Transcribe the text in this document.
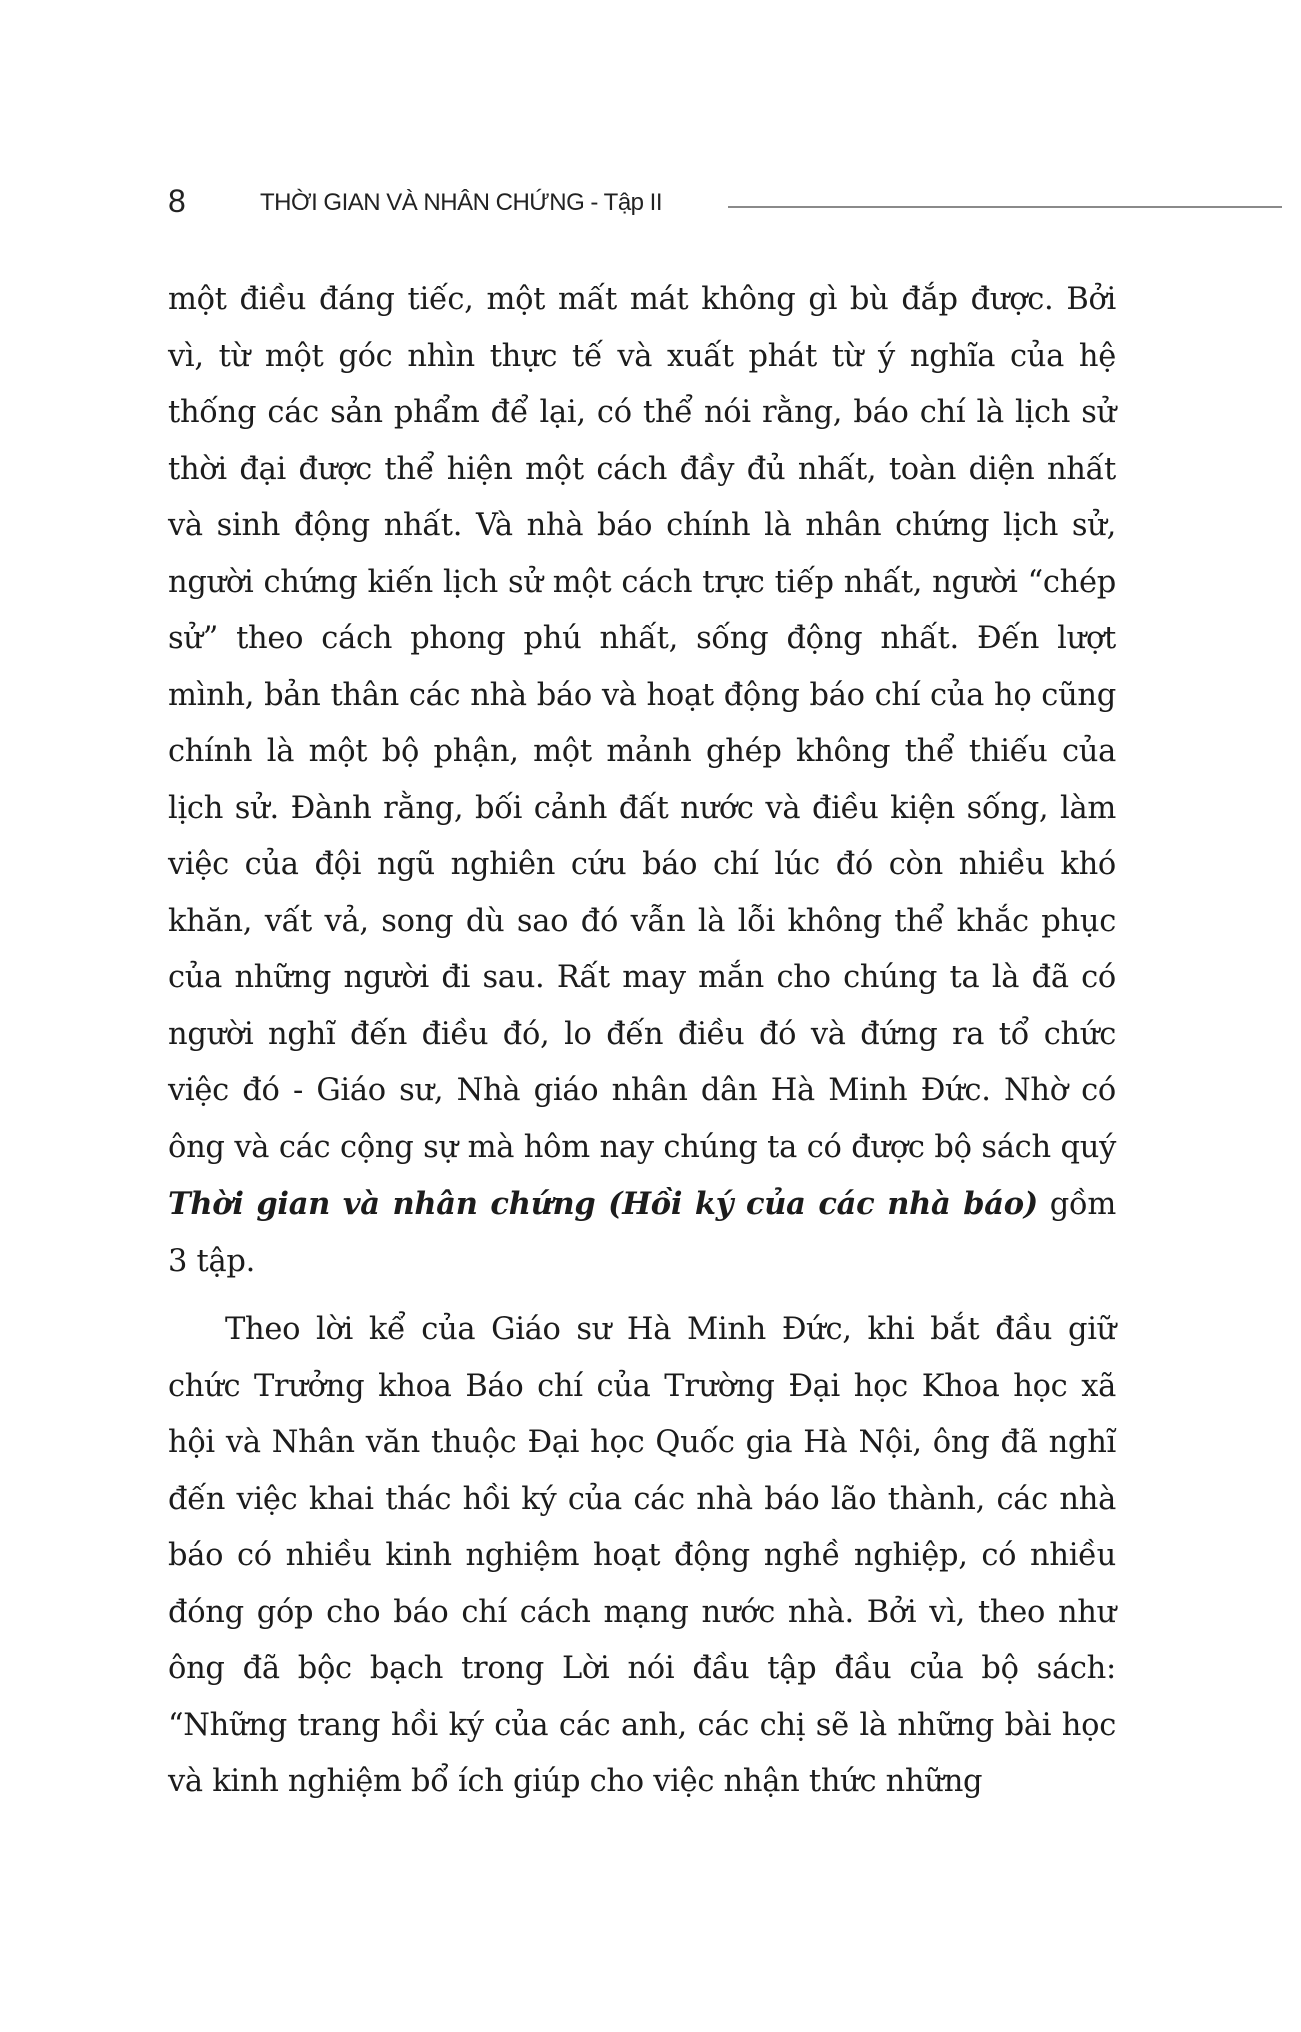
8	THỜI GIAN VÀ NHÂN CHỨNG - Tập II

một điều đáng tiếc, một mất mát không gì bù đắp được. Bởi vì, từ một góc nhìn thực tế và xuất phát từ ý nghĩa của hệ thống các sản phẩm để lại, có thể nói rằng, báo chí là lịch sử thời đại được thể hiện một cách đầy đủ nhất, toàn diện nhất và sinh động nhất. Và nhà báo chính là nhân chứng lịch sử, người chứng kiến lịch sử một cách trực tiếp nhất, người “chép sử” theo cách phong phú nhất, sống động nhất. Đến lượt mình, bản thân các nhà báo và hoạt động báo chí của họ cũng chính là một bộ phận, một mảnh ghép không thể thiếu của lịch sử. Đành rằng, bối cảnh đất nước và điều kiện sống, làm việc của đội ngũ nghiên cứu báo chí lúc đó còn nhiều khó khăn, vất vả, song dù sao đó vẫn là lỗi không thể khắc phục của những người đi sau. Rất may mắn cho chúng ta là đã có người nghĩ đến điều đó, lo đến điều đó và đứng ra tổ chức việc đó - Giáo sư, Nhà giáo nhân dân Hà Minh Đức. Nhờ có ông và các cộng sự mà hôm nay chúng ta có được bộ sách quý Thời gian và nhân chứng (Hồi ký của các nhà báo) gồm 3 tập.

Theo lời kể của Giáo sư Hà Minh Đức, khi bắt đầu giữ chức Trưởng khoa Báo chí của Trường Đại học Khoa học xã hội và Nhân văn thuộc Đại học Quốc gia Hà Nội, ông đã nghĩ đến việc khai thác hồi ký của các nhà báo lão thành, các nhà báo có nhiều kinh nghiệm hoạt động nghề nghiệp, có nhiều đóng góp cho báo chí cách mạng nước nhà. Bởi vì, theo như ông đã bộc bạch trong Lời nói đầu tập đầu của bộ sách: “Những trang hồi ký của các anh, các chị sẽ là những bài học và kinh nghiệm bổ ích giúp cho việc nhận thức những
